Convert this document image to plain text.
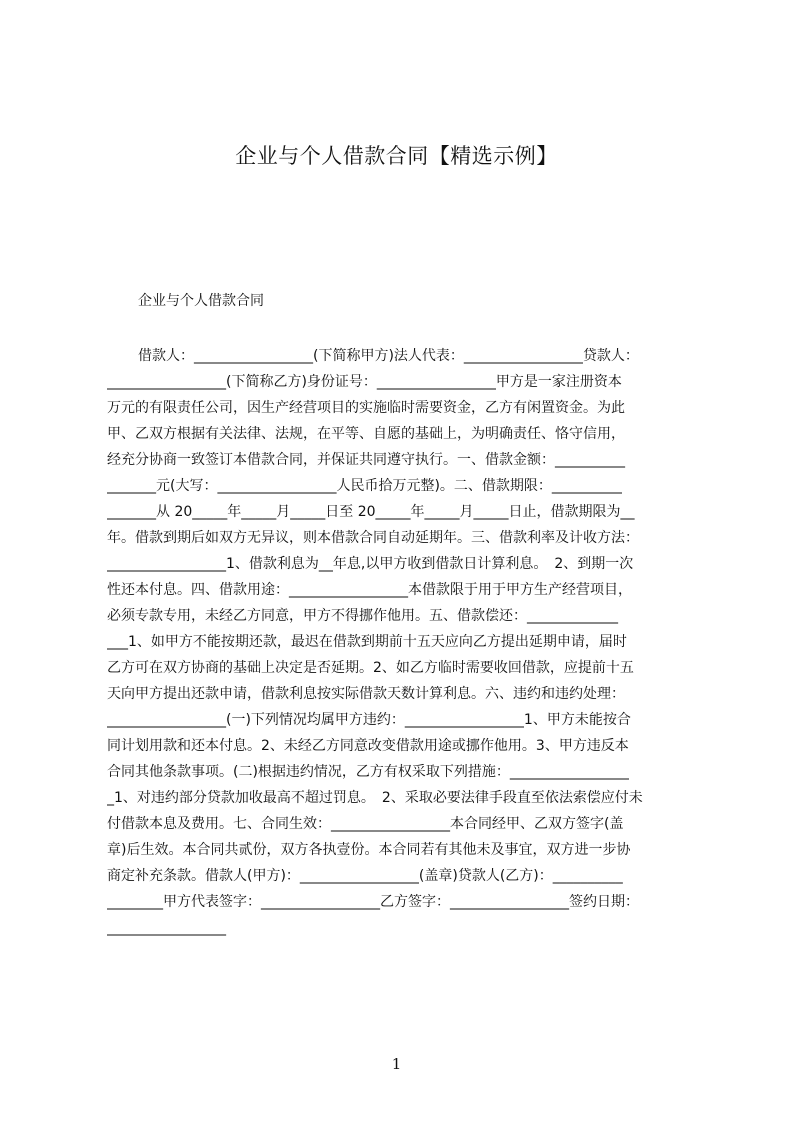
企业与个人借款合同【精选示例】

企业与个人借款合同

借款人：_________________(下简称甲方)法人代表：_________________贷款人：
_________________(下简称乙方)身份证号：_________________甲方是一家注册资本
万元的有限责任公司，因生产经营项目的实施临时需要资金，乙方有闲置资金。为此
甲、乙双方根据有关法律、法规，在平等、自愿的基础上，为明确责任、恪守信用，
经充分协商一致签订本借款合同，并保证共同遵守执行。一、借款金额：__________
_______元(大写：_________________人民币拾万元整)。二、借款期限：__________
_______从 20_____年_____月_____日至 20_____年_____月_____日止，借款期限为__
年。借款到期后如双方无异议，则本借款合同自动延期年。三、借款利率及计收方法：
_________________1、借款利息为__年息,以甲方收到借款日计算利息。　2、到期一次
性还本付息。四、借款用途：_________________本借款限于用于甲方生产经营项目，
必须专款专用，未经乙方同意，甲方不得挪作他用。五、借款偿还：_____________
___1、如甲方不能按期还款，最迟在借款到期前十五天应向乙方提出延期申请，届时
乙方可在双方协商的基础上决定是否延期。2、如乙方临时需要收回借款，应提前十五
天向甲方提出还款申请，借款利息按实际借款天数计算利息。六、违约和违约处理：
_________________(一)下列情况均属甲方违约：_________________1、甲方未能按合
同计划用款和还本付息。2、未经乙方同意改变借款用途或挪作他用。3、甲方违反本
合同其他条款事项。(二)根据违约情况，乙方有权采取下列措施：_________________
_1、对违约部分贷款加收最高不超过罚息。　2、采取必要法律手段直至依法索偿应付未
付借款本息及费用。七、合同生效：_________________本合同经甲、乙双方签字(盖
章)后生效。本合同共贰份，双方各执壹份。本合同若有其他未及事宜，双方进一步协
商定补充条款。借款人(甲方)：_________________(盖章)贷款人(乙方)：__________
________甲方代表签字：_________________乙方签字：_________________签约日期：
_________________
1
